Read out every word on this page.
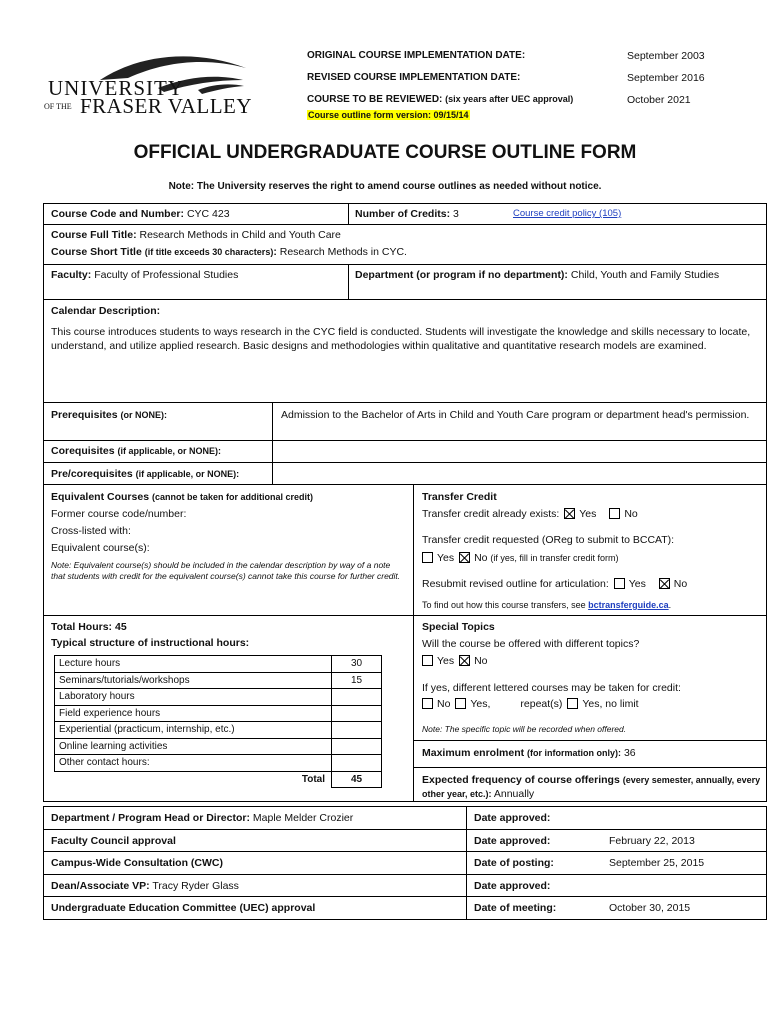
UNIVERSITY
OF THE FRASER VALLEY
ORIGINAL COURSE IMPLEMENTATION DATE:	September 2003
REVISED COURSE IMPLEMENTATION DATE:	September 2016
COURSE TO BE REVIEWED: (six years after UEC approval)	October 2021
Course outline form version: 09/15/14
OFFICIAL UNDERGRADUATE COURSE OUTLINE FORM
Note: The University reserves the right to amend course outlines as needed without notice.
Course Code and Number: CYC 423	Number of Credits: 3	Course credit policy (105)
Course Full Title: Research Methods in Child and Youth Care
Course Short Title (if title exceeds 30 characters): Research Methods in CYC.
Faculty: Faculty of Professional Studies	Department (or program if no department): Child, Youth and Family Studies
Calendar Description:
This course introduces students to ways research in the CYC field is conducted. Students will investigate the knowledge and skills necessary to locate, understand, and utilize applied research. Basic designs and methodologies within qualitative and quantitative research models are examined.
Prerequisites (or NONE):	Admission to the Bachelor of Arts in Child and Youth Care program or department head's permission.
Corequisites (if applicable, or NONE):
Pre/corequisites (if applicable, or NONE):
Equivalent Courses (cannot be taken for additional credit)
Former course code/number:
Cross-listed with:
Equivalent course(s):
Note: Equivalent course(s) should be included in the calendar description by way of a note that students with credit for the equivalent course(s) cannot take this course for further credit.
Transfer Credit
Transfer credit already exists: Yes	No
Transfer credit requested (OReg to submit to BCCAT):
Yes No (if yes, fill in transfer credit form)
Resubmit revised outline for articulation: Yes	No
To find out how this course transfers, see bctransferguide.ca.
Total Hours: 45
Typical structure of instructional hours:
Lecture hours	30
Seminars/tutorials/workshops	15
Laboratory hours	
Field experience hours	
Experiential (practicum, internship, etc.)	
Online learning activities	
Other contact hours:	
Total	45
Special Topics
Will the course be offered with different topics?
Yes No
If yes, different lettered courses may be taken for credit:
No Yes,	repeat(s) Yes, no limit
Note: The specific topic will be recorded when offered.
Maximum enrolment (for information only): 36
Expected frequency of course offerings (every semester, annually, every other year, etc.): Annually
Department / Program Head or Director: Maple Melder Crozier	Date approved:
Faculty Council approval	Date approved:	February 22, 2013
Campus-Wide Consultation (CWC)	Date of posting:	September 25, 2015
Dean/Associate VP: Tracy Ryder Glass	Date approved:
Undergraduate Education Committee (UEC) approval	Date of meeting:	October 30, 2015
